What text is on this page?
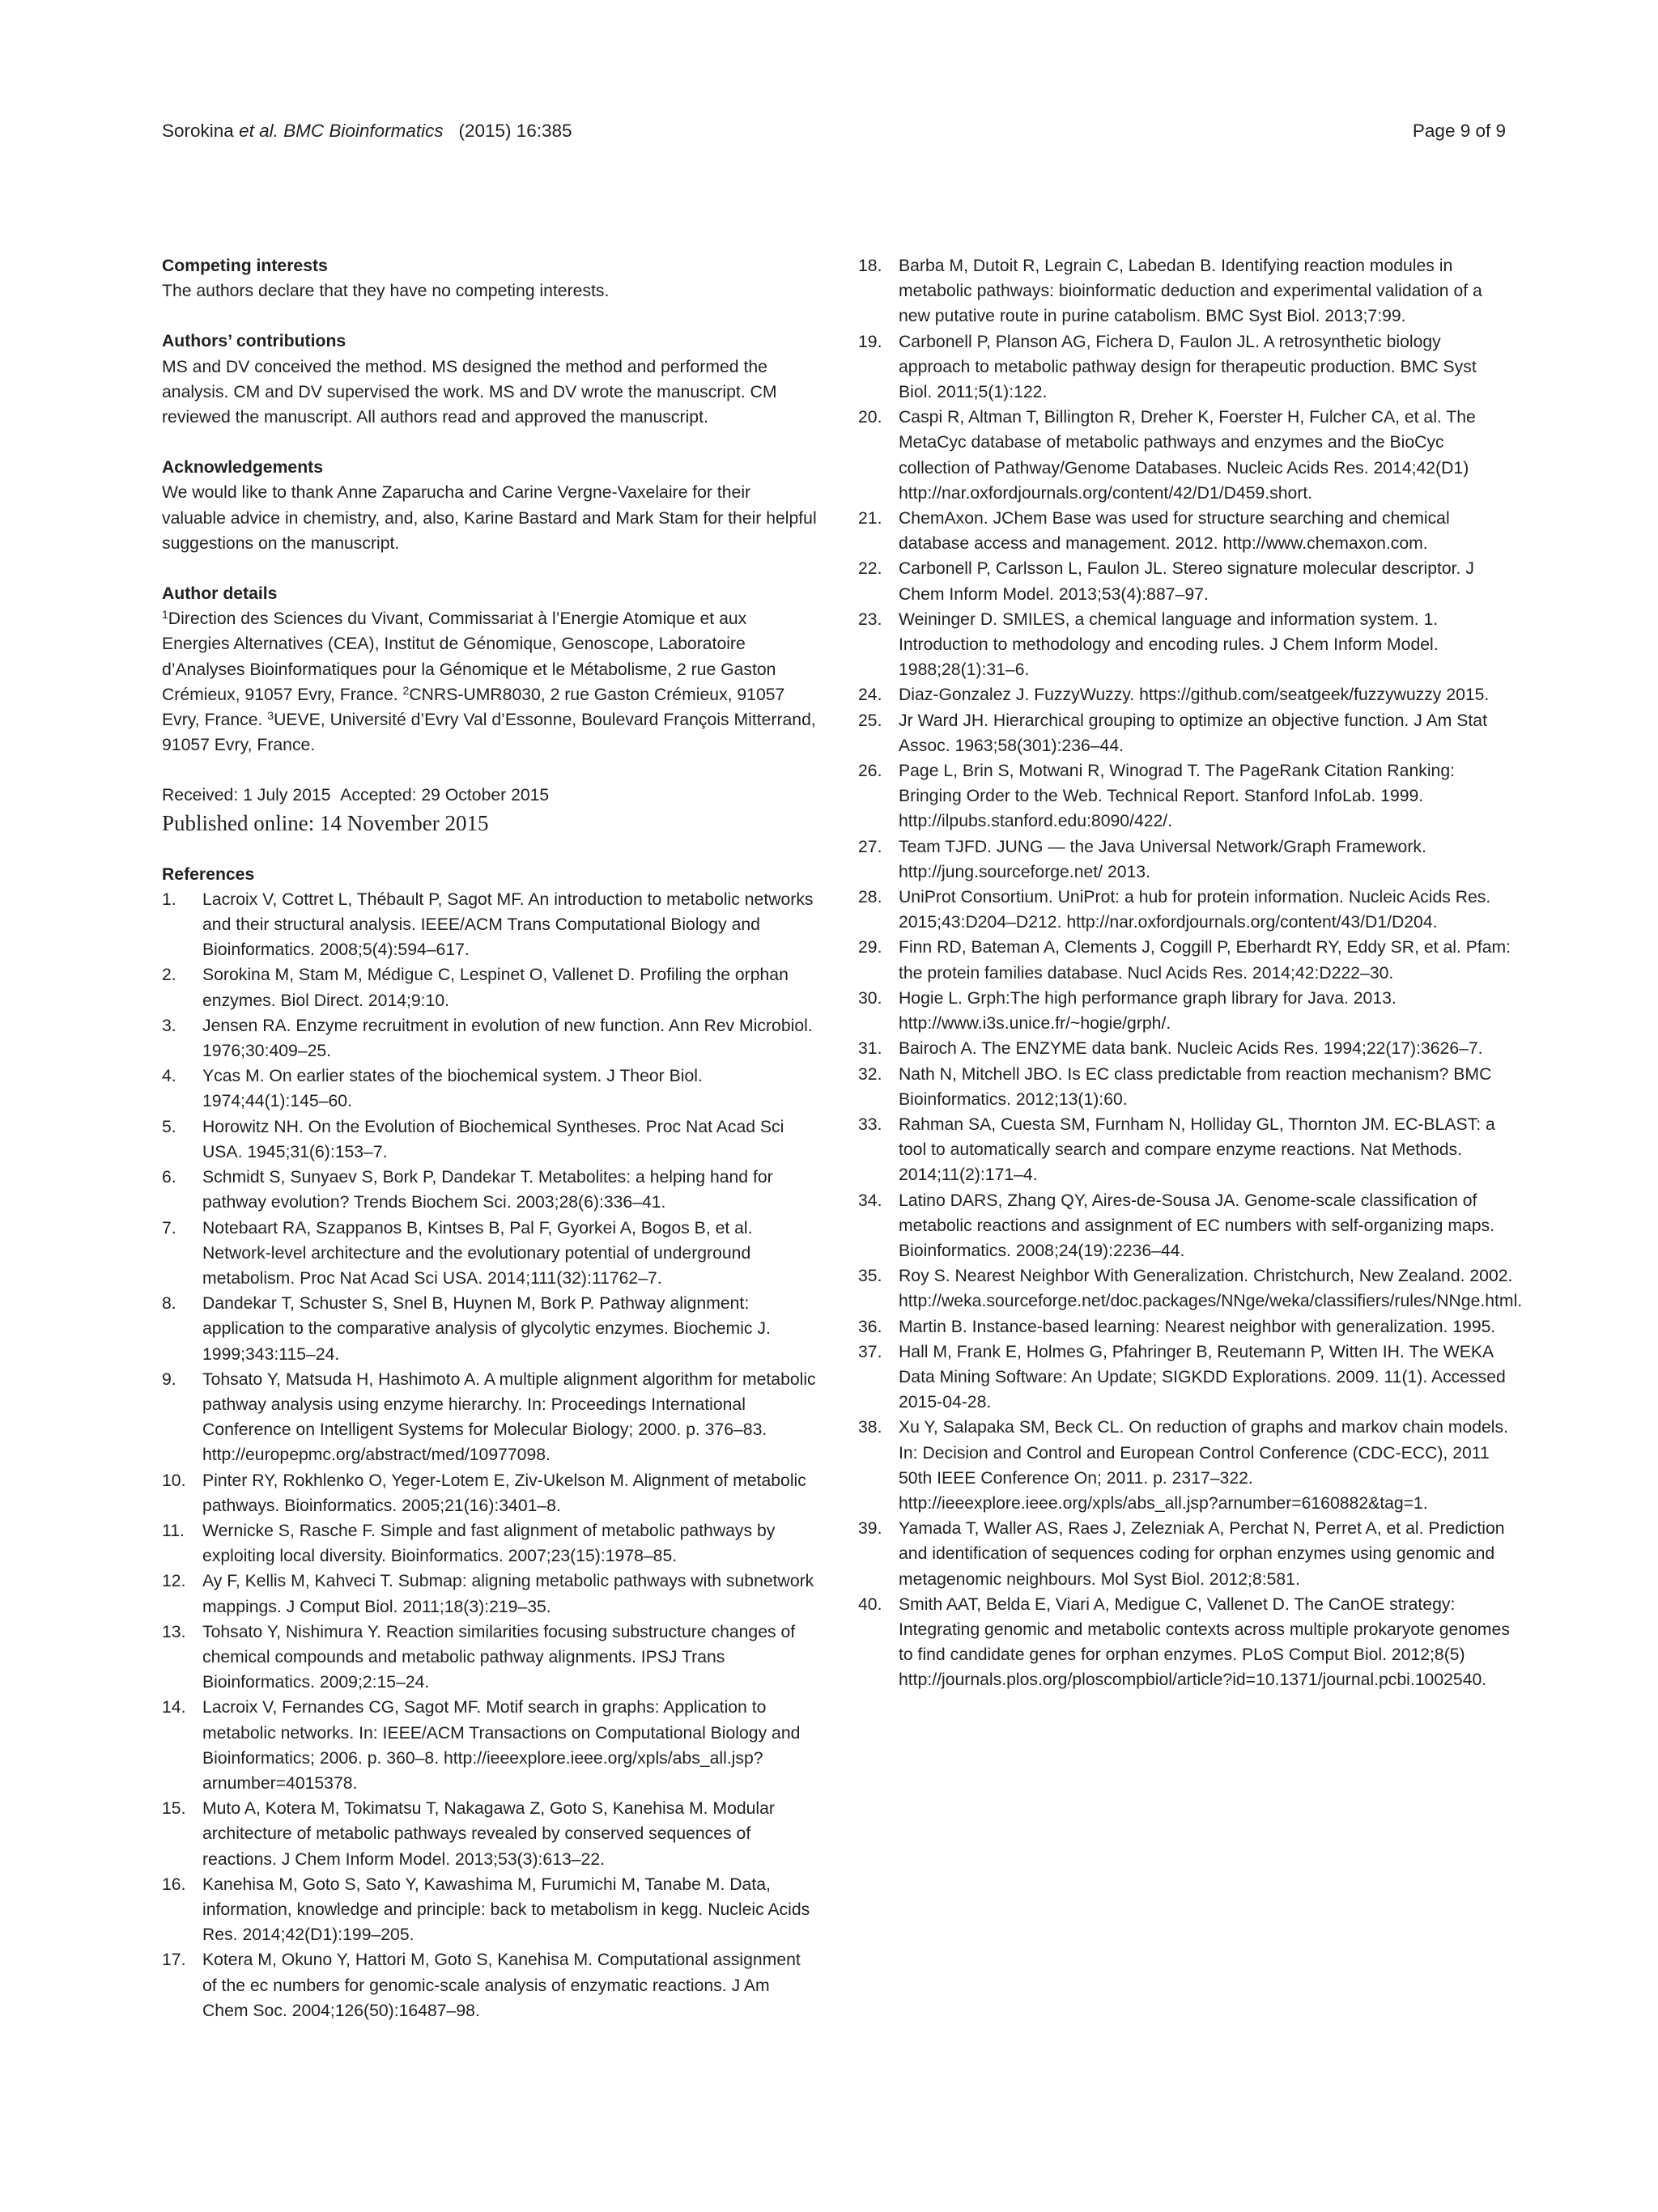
Sorokina et al. BMC Bioinformatics (2015) 16:385	Page 9 of 9
Competing interests

The authors declare that they have no competing interests.

Authors’ contributions

MS and DV conceived the method. MS designed the method and performed the analysis. CM and DV supervised the work. MS and DV wrote the manuscript. CM reviewed the manuscript. All authors read and approved the manuscript.

Acknowledgements

We would like to thank Anne Zaparucha and Carine Vergne-Vaxelaire for their valuable advice in chemistry, and, also, Karine Bastard and Mark Stam for their helpful suggestions on the manuscript.

Author details

$^1$Direction des Sciences du Vivant, Commissariat à l’Energie Atomique et aux Energies Alternatives (CEA), Institut de Génomique, Genoscope, Laboratoire d’Analyses Bioinformatiques pour la Génomique et le Métabolisme, 2 rue Gaston Crémieux, 91057 Evry, France. $^2$CNRS-UMR8030, 2 rue Gaston Crémieux, 91057 Evry, France. $^3$UEVE, Université d’Evry Val d’Essonne, Boulevard François Mitterrand, 91057 Evry, France.

Received: 1 July 2015 Accepted: 29 October 2015
Published online: 14 November 2015
References
1. Lacroix V, Cottret L, Thébault P, Sagot MF. An introduction to metabolic networks and their structural analysis. IEEE/ACM Trans Computational Biology and Bioinformatics. 2008;5(4):594–617.
2. Sorokina M, Stam M, Médigue C, Lespinet O, Vallenet D. Profiling the orphan enzymes. Biol Direct. 2014;9:10.
3. Jensen RA. Enzyme recruitment in evolution of new function. Ann Rev Microbiol. 1976;30:409–25.
4. Ycas M. On earlier states of the biochemical system. J Theor Biol. 1974;44(1):145–60.
5. Horowitz NH. On the Evolution of Biochemical Syntheses. Proc Nat Acad Sci USA. 1945;31(6):153–7.
6. Schmidt S, Sunyaev S, Bork P, Dandekar T. Metabolites: a helping hand for pathway evolution? Trends Biochem Sci. 2003;28(6):336–41.
7. Notebaart RA, Szappanos B, Kintses B, Pal F, Gyorkei A, Bogos B, et al. Network-level architecture and the evolutionary potential of underground metabolism. Proc Nat Acad Sci USA. 2014;111(32):11762–7.
8. Dandekar T, Schuster S, Snel B, Huynen M, Bork P. Pathway alignment: application to the comparative analysis of glycolytic enzymes. Biochemic J. 1999;343:115–24.
9. Tohsato Y, Matsuda H, Hashimoto A. A multiple alignment algorithm for metabolic pathway analysis using enzyme hierarchy. In: Proceedings International Conference on Intelligent Systems for Molecular Biology; 2000. p. 376–83. http://europepmc.org/abstract/med/10977098.
10. Pinter RY, Rokhlenko O, Yeger-Lotem E, Ziv-Ukelson M. Alignment of metabolic pathways. Bioinformatics. 2005;21(16):3401–8.
11. Wernicke S, Rasche F. Simple and fast alignment of metabolic pathways by exploiting local diversity. Bioinformatics. 2007;23(15):1978–85.
12. Ay F, Kellis M, Kahveci T. Submap: aligning metabolic pathways with subnetwork mappings. J Comput Biol. 2011;18(3):219–35.
13. Tohsato Y, Nishimura Y. Reaction similarities focusing substructure changes of chemical compounds and metabolic pathway alignments. IPSJ Trans Bioinformatics. 2009;2:15–24.
14. Lacroix V, Fernandes CG, Sagot MF. Motif search in graphs: Application to metabolic networks. In: IEEE/ACM Transactions on Computational Biology and Bioinformatics; 2006. p. 360–8. http://ieeexplore.ieee.org/xpls/abs_all.jsp?arnumber=4015378.
15. Muto A, Kotera M, Tokimatsu T, Nakagawa Z, Goto S, Kanehisa M. Modular architecture of metabolic pathways revealed by conserved sequences of reactions. J Chem Inform Model. 2013;53(3):613–22.
16. Kanehisa M, Goto S, Sato Y, Kawashima M, Furumichi M, Tanabe M. Data, information, knowledge and principle: back to metabolism in kegg. Nucleic Acids Res. 2014;42(D1):199–205.
17. Kotera M, Okuno Y, Hattori M, Goto S, Kanehisa M. Computational assignment of the ec numbers for genomic-scale analysis of enzymatic reactions. J Am Chem Soc. 2004;126(50):16487–98.
18. Barba M, Dutoit R, Legrain C, Labedan B. Identifying reaction modules in metabolic pathways: bioinformatic deduction and experimental validation of a new putative route in purine catabolism. BMC Syst Biol. 2013;7:99.
19. Carbonell P, Planson AG, Fichera D, Faulon JL. A retrosynthetic biology approach to metabolic pathway design for therapeutic production. BMC Syst Biol. 2011;5(1):122.
20. Caspi R, Altman T, Billington R, Dreher K, Foerster H, Fulcher CA, et al. The MetaCyc database of metabolic pathways and enzymes and the BioCyc collection of Pathway/Genome Databases. Nucleic Acids Res. 2014;42(D1) http://nar.oxfordjournals.org/content/42/D1/D459.short.
21. ChemAxon. JChem Base was used for structure searching and chemical database access and management. 2012. http://www.chemaxon.com.
22. Carbonell P, Carlsson L, Faulon JL. Stereo signature molecular descriptor. J Chem Inform Model. 2013;53(4):887–97.
23. Weininger D. SMILES, a chemical language and information system. 1. Introduction to methodology and encoding rules. J Chem Inform Model. 1988;28(1):31–6.
24. Diaz-Gonzalez J. FuzzyWuzzy. https://github.com/seatgeek/fuzzywuzzy 2015.
25. Jr Ward JH. Hierarchical grouping to optimize an objective function. J Am Stat Assoc. 1963;58(301):236–44.
26. Page L, Brin S, Motwani R, Winograd T. The PageRank Citation Ranking: Bringing Order to the Web. Technical Report. Stanford InfoLab. 1999. http://ilpubs.stanford.edu:8090/422/.
27. Team TJFD. JUNG — the Java Universal Network/Graph Framework. http://jung.sourceforge.net/ 2013.
28. UniProt Consortium. UniProt: a hub for protein information. Nucleic Acids Res. 2015;43:D204–D212. http://nar.oxfordjournals.org/content/43/D1/D204.
29. Finn RD, Bateman A, Clements J, Coggill P, Eberhardt RY, Eddy SR, et al. Pfam: the protein families database. Nucl Acids Res. 2014;42:D222–30.
30. Hogie L. Grph:The high performance graph library for Java. 2013. http://www.i3s.unice.fr/~hogie/grph/.
31. Bairoch A. The ENZYME data bank. Nucleic Acids Res. 1994;22(17):3626–7.
32. Nath N, Mitchell JBO. Is EC class predictable from reaction mechanism? BMC Bioinformatics. 2012;13(1):60.
33. Rahman SA, Cuesta SM, Furnham N, Holliday GL, Thornton JM. EC-BLAST: a tool to automatically search and compare enzyme reactions. Nat Methods. 2014;11(2):171–4.
34. Latino DARS, Zhang QY, Aires-de-Sousa JA. Genome-scale classification of metabolic reactions and assignment of EC numbers with self-organizing maps. Bioinformatics. 2008;24(19):2236–44.
35. Roy S. Nearest Neighbor With Generalization. Christchurch, New Zealand. 2002. http://weka.sourceforge.net/doc.packages/NNge/weka/classifiers/rules/NNge.html.
36. Martin B. Instance-based learning: Nearest neighbor with generalization. 1995.
37. Hall M, Frank E, Holmes G, Pfahringer B, Reutemann P, Witten IH. The WEKA Data Mining Software: An Update; SIGKDD Explorations. 2009. 11(1). Accessed 2015-04-28.
38. Xu Y, Salapaka SM, Beck CL. On reduction of graphs and markov chain models. In: Decision and Control and European Control Conference (CDC-ECC), 2011 50th IEEE Conference On; 2011. p. 2317–322. http://ieeexplore.ieee.org/xpls/abs_all.jsp?arnumber=6160882&tag=1.
39. Yamada T, Waller AS, Raes J, Zelezniak A, Perchat N, Perret A, et al. Prediction and identification of sequences coding for orphan enzymes using genomic and metagenomic neighbours. Mol Syst Biol. 2012;8:581.
40. Smith AAT, Belda E, Viari A, Medigue C, Vallenet D. The CanOE strategy: Integrating genomic and metabolic contexts across multiple prokaryote genomes to find candidate genes for orphan enzymes. PLoS Comput Biol. 2012;8(5) http://journals.plos.org/ploscompbiol/article?id=10.1371/journal.pcbi.1002540.
